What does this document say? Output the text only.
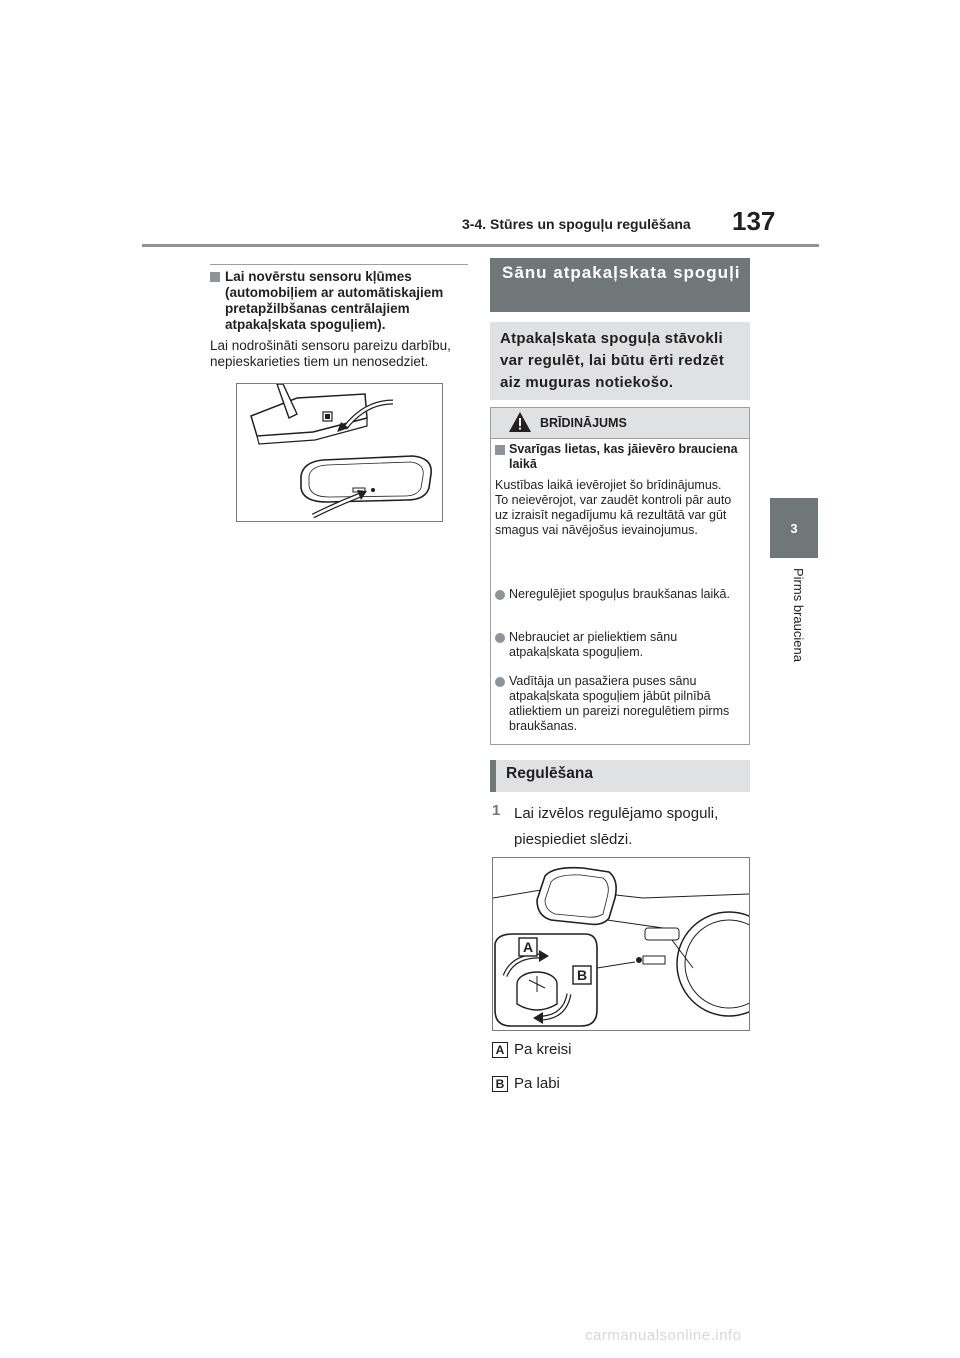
3-4. Stūres un spoguļu regulēšana 137
3
Pirms brauciena
Lai novērstu sensoru kļūmes (automobiļiem ar automātiskajiem pretapžilbšanas centrālajiem atpakaļskata spoguļiem).
Lai nodrošināti sensoru pareizu darbību, nepieskarieties tiem un nenosedziet.
Sānu atpakaļskata spoguļi
Atpakaļskata spoguļa stāvokli var regulēt, lai būtu ērti redzēt aiz muguras notiekošo.
BRĪDINĀJUMS
Svarīgas lietas, kas jāievēro brauciena laikā
Kustības laikā ievērojiet šo brīdinājumus.
To neievērojot, var zaudēt kontroli pār auto uz izraisīt negadījumu kā rezultātā var gūt smagus vai nāvējošus ievainojumus.
Neregulējiet spoguļus braukšanas laikā.
Nebrauciet ar pieliektiem sānu atpakaļskata spoguļiem.
Vadītāja un pasažiera puses sānu atpakaļskata spoguļiem jābūt pilnībā atliektiem un pareizi noregulētiem pirms braukšanas.
Regulēšana
1 Lai izvēlos regulējamo spoguli, piespiediet slēdzi.
A
B
A Pa kreisi
B Pa labi
carmanualsonline.info
